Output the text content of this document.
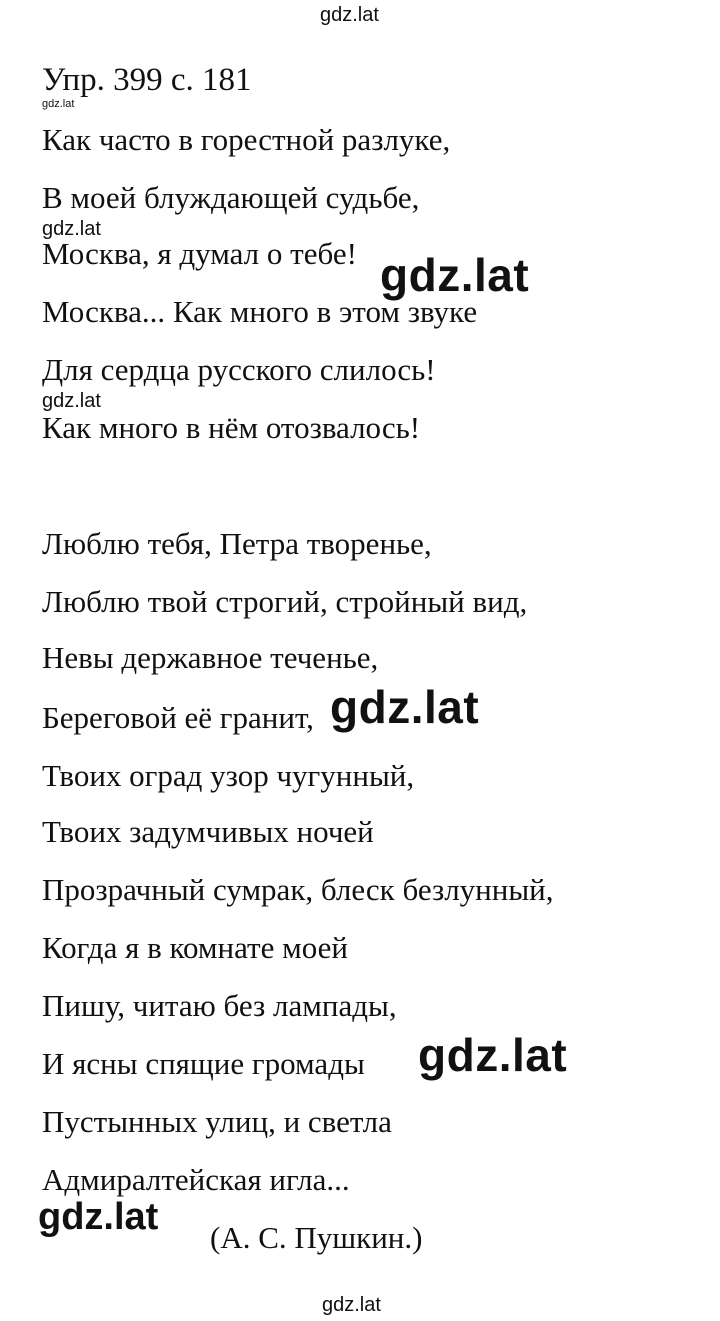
gdz.lat
Упр. 399 с. 181
gdz.lat
Как часто в горестной разлуке,
В моей блуждающей судьбе,
Москва, я думал о тебе!
Москва... Как много в этом звуке
Для сердца русского слилось!
Как много в нём отозвалось!
gdz.lat
gdz.lat
gdz.lat
Люблю тебя, Петра творенье,
Люблю твой строгий, стройный вид,
Невы державное теченье,
Береговой её гранит,
Твоих оград узор чугунный,
Твоих задумчивых ночей
Прозрачный сумрак, блеск безлунный,
Когда я в комнате моей
Пишу, читаю без лампады,
И ясны спящие громады
Пустынных улиц, и светла
Адмиралтейская игла...
gdz.lat
gdz.lat
gdz.lat (А. С. Пушкин.)
gdz.lat
